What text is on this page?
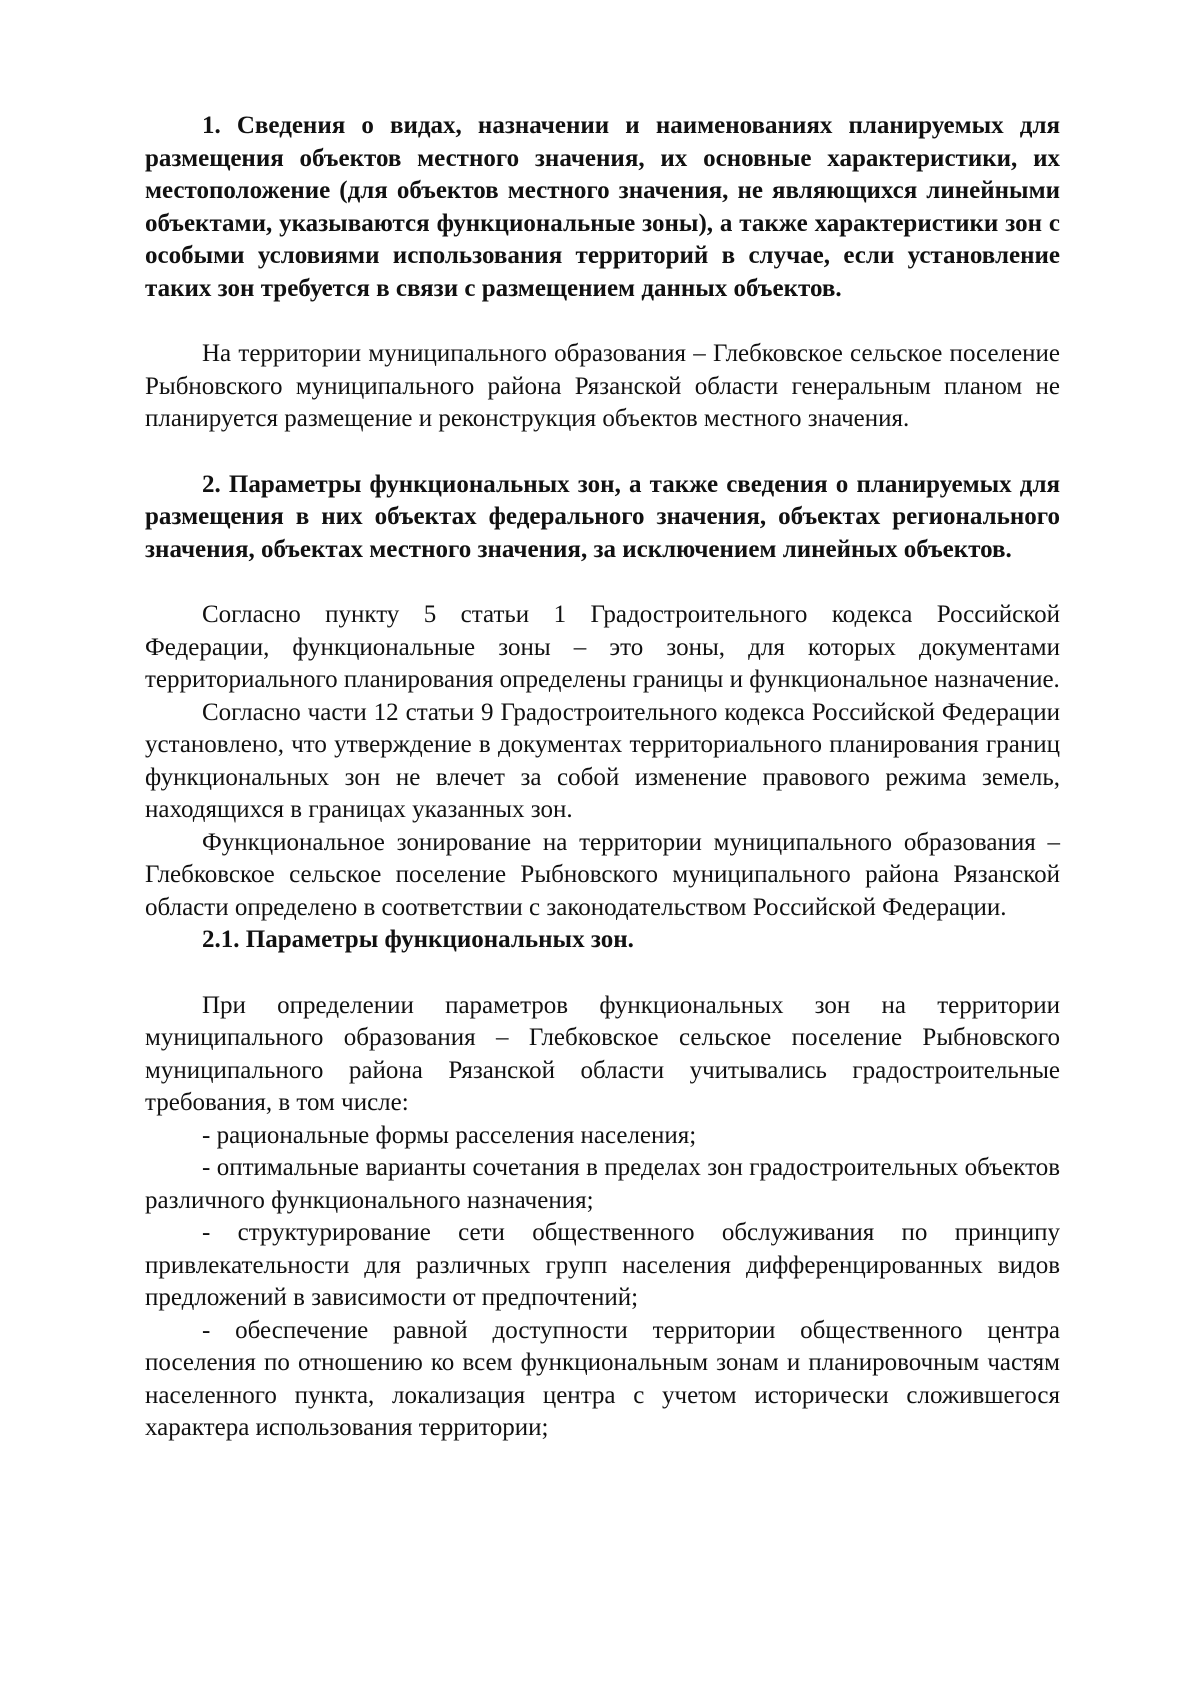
1. Сведения о видах, назначении и наименованиях планируемых для размещения объектов местного значения, их основные характеристики, их местоположение (для объектов местного значения, не являющихся линейными объектами, указываются функциональные зоны), а также характеристики зон с особыми условиями использования территорий в случае, если установление таких зон требуется в связи с размещением данных объектов.

На территории муниципального образования – Глебковское сельское поселение Рыбновского муниципального района Рязанской области генеральным планом не планируется размещение и реконструкция объектов местного значения.

2. Параметры функциональных зон, а также сведения о планируемых для размещения в них объектах федерального значения, объектах регионального значения, объектах местного значения, за исключением линейных объектов.

Согласно пункту 5 статьи 1 Градостроительного кодекса Российской Федерации, функциональные зоны – это зоны, для которых документами территориального планирования определены границы и функциональное назначение.

Согласно части 12 статьи 9 Градостроительного кодекса Российской Федерации установлено, что утверждение в документах территориального планирования границ функциональных зон не влечет за собой изменение правового режима земель, находящихся в границах указанных зон.

Функциональное зонирование на территории муниципального образования – Глебковское сельское поселение Рыбновского муниципального района Рязанской области определено в соответствии с законодательством Российской Федерации.

2.1. Параметры функциональных зон.

При определении параметров функциональных зон на территории муниципального образования – Глебковское сельское поселение Рыбновского муниципального района Рязанской области учитывались градостроительные требования, в том числе:

- рациональные формы расселения населения;

- оптимальные варианты сочетания в пределах зон градостроительных объектов различного функционального назначения;

- структурирование сети общественного обслуживания по принципу привлекательности для различных групп населения дифференцированных видов предложений в зависимости от предпочтений;

- обеспечение равной доступности территории общественного центра поселения по отношению ко всем функциональным зонам и планировочным частям населенного пункта, локализация центра с учетом исторически сложившегося характера использования территории;
